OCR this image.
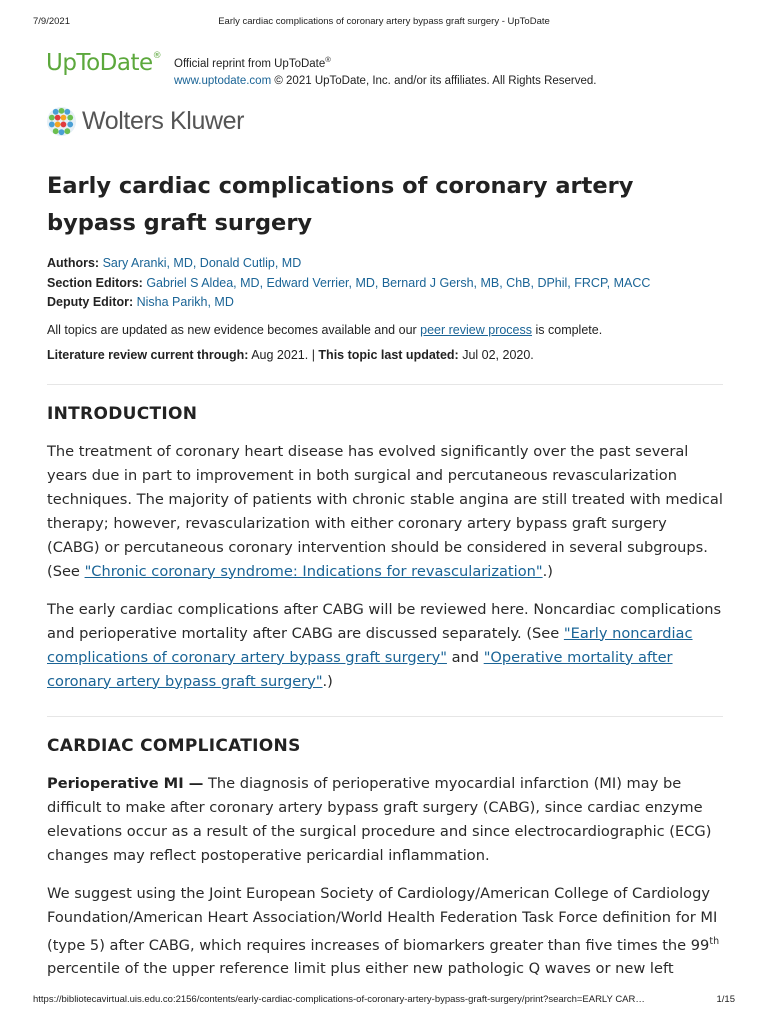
7/9/2021	Early cardiac complications of coronary artery bypass graft surgery - UpToDate
UpToDate®
Official reprint from UpToDate®
www.uptodate.com © 2021 UpToDate, Inc. and/or its affiliates. All Rights Reserved.
Wolters Kluwer
Early cardiac complications of coronary artery bypass graft surgery
Authors: Sary Aranki, MD, Donald Cutlip, MD
Section Editors: Gabriel S Aldea, MD, Edward Verrier, MD, Bernard J Gersh, MB, ChB, DPhil, FRCP, MACC
Deputy Editor: Nisha Parikh, MD
All topics are updated as new evidence becomes available and our peer review process is complete.
Literature review current through: Aug 2021. | This topic last updated: Jul 02, 2020.
INTRODUCTION

The treatment of coronary heart disease has evolved significantly over the past several years due in part to improvement in both surgical and percutaneous revascularization techniques. The majority of patients with chronic stable angina are still treated with medical therapy; however, revascularization with either coronary artery bypass graft surgery (CABG) or percutaneous coronary intervention should be considered in several subgroups. (See "Chronic coronary syndrome: Indications for revascularization".)

The early cardiac complications after CABG will be reviewed here. Noncardiac complications and perioperative mortality after CABG are discussed separately. (See "Early noncardiac complications of coronary artery bypass graft surgery" and "Operative mortality after coronary artery bypass graft surgery".)

CARDIAC COMPLICATIONS

Perioperative MI — The diagnosis of perioperative myocardial infarction (MI) may be difficult to make after coronary artery bypass graft surgery (CABG), since cardiac enzyme elevations occur as a result of the surgical procedure and since electrocardiographic (ECG) changes may reflect postoperative pericardial inflammation.

We suggest using the Joint European Society of Cardiology/American College of Cardiology Foundation/American Heart Association/World Health Federation Task Force definition for MI (type 5) after CABG, which requires increases of biomarkers greater than five times the 99th percentile of the upper reference limit plus either new pathologic Q waves or new left

https://bibliotecavirtual.uis.edu.co:2156/contents/early-cardiac-complications-of-coronary-artery-bypass-graft-surgery/print?search=EARLY CAR…	1/15
